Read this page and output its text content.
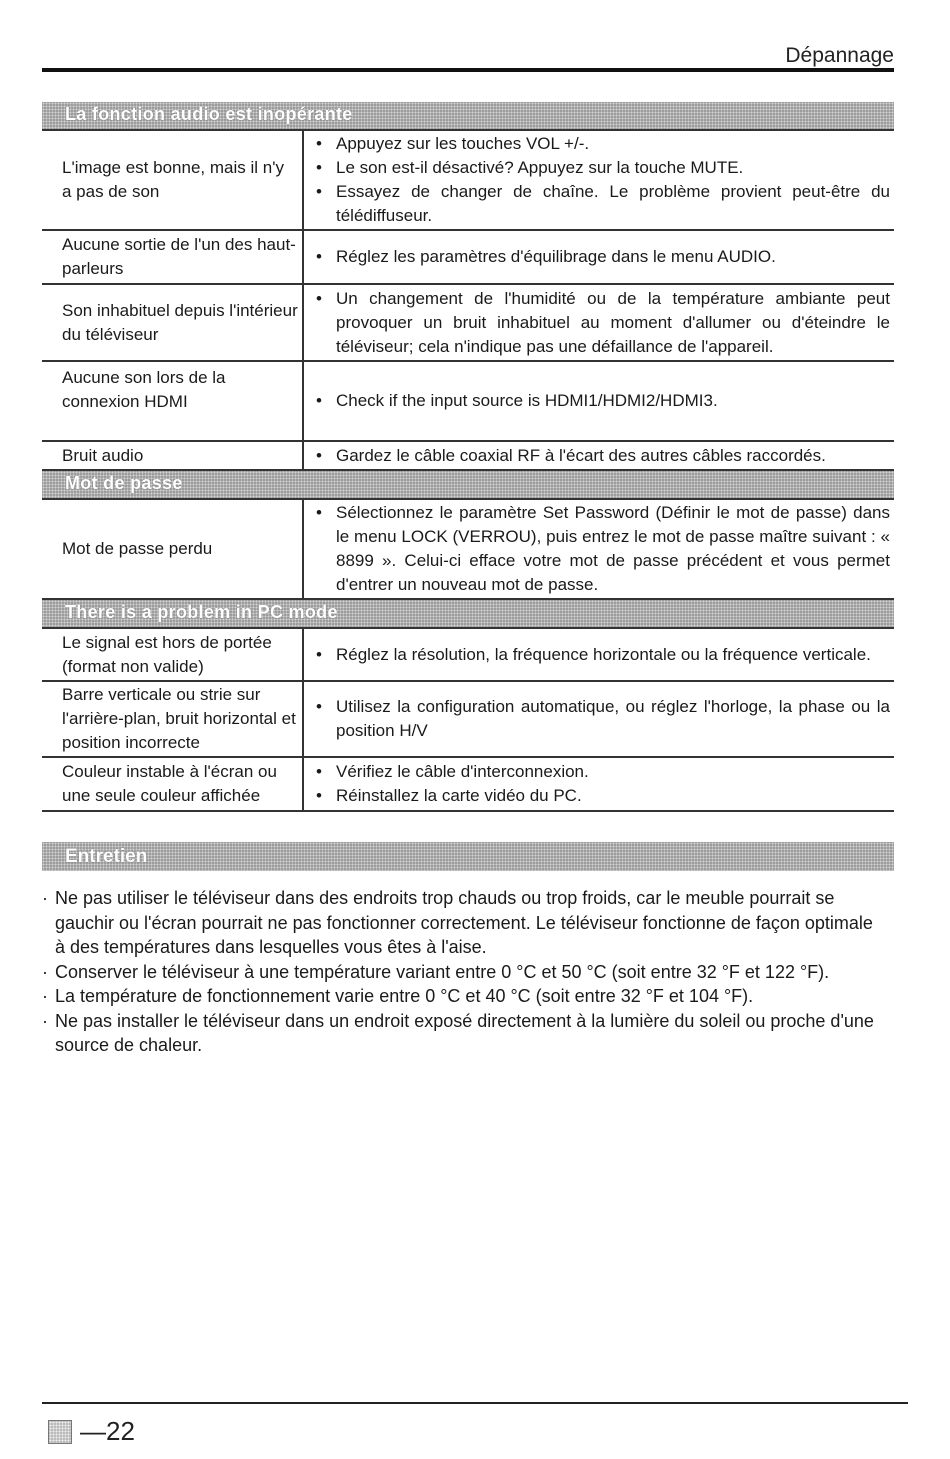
Dépannage
La fonction audio est inopérante
L'image est bonne, mais il n'y a pas de son
• Appuyez sur les touches VOL +/-.
• Le son est-il désactivé? Appuyez sur la touche MUTE.
• Essayez de changer de chaîne. Le problème provient peut-être du télédiffuseur.
Aucune sortie de l'un des haut-parleurs
• Réglez les paramètres d'équilibrage dans le menu AUDIO.
Son inhabituel depuis l'intérieur du téléviseur
• Un changement de l'humidité ou de la température ambiante peut provoquer un bruit inhabituel au moment d'allumer ou d'éteindre le téléviseur; cela n'indique pas une défaillance de l'appareil.
Aucune son lors de la connexion HDMI	• Check if the input source is HDMI1/HDMI2/HDMI3.
Bruit audio	• Gardez le câble coaxial RF à l'écart des autres câbles raccordés.
Mot de passe
Mot de passe perdu
• Sélectionnez le paramètre Set Password (Définir le mot de passe) dans le menu LOCK (VERROU), puis entrez le mot de passe maître suivant : « 8899 ». Celui-ci efface votre mot de passe précédent et vous permet d'entrer un nouveau mot de passe.
There is a problem in PC mode
Le signal est hors de portée (format non valide)
• Réglez la résolution, la fréquence horizontale ou la fréquence verticale.
Barre verticale ou strie sur l'arrière-plan, bruit horizontal et position incorrecte
• Utilisez la configuration automatique, ou réglez l'horloge, la phase ou la position H/V
Couleur instable à l'écran ou une seule couleur affichée
• Vérifiez le câble d'interconnexion.
• Réinstallez la carte vidéo du PC.
Entretien
· Ne pas utiliser le téléviseur dans des endroits trop chauds ou trop froids, car le meuble pourrait se gauchir ou l'écran pourrait ne pas fonctionner correctement. Le téléviseur fonctionne de façon optimale à des températures dans lesquelles vous êtes à l'aise.
· Conserver le téléviseur à une température variant entre 0 °C et 50 °C (soit entre 32 °F et 122 °F).
· La température de fonctionnement varie entre 0 °C et 40 °C (soit entre 32 °F et 104 °F).
· Ne pas installer le téléviseur dans un endroit exposé directement à la lumière du soleil ou proche d'une source de chaleur.
—22
